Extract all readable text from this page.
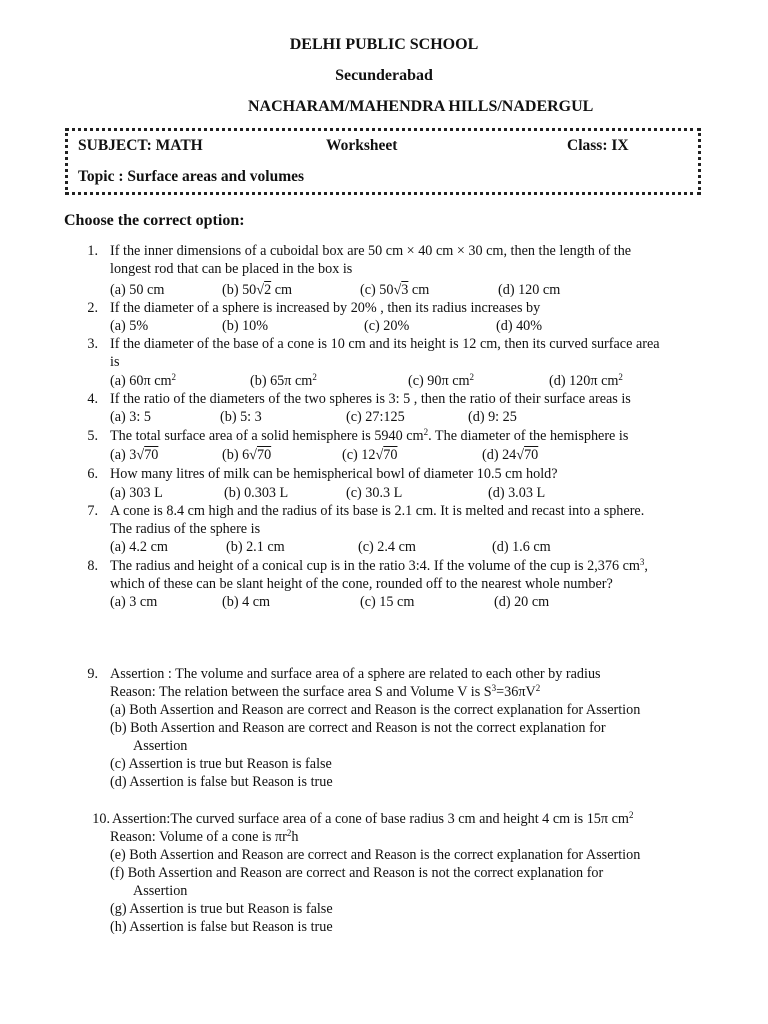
DELHI PUBLIC SCHOOL
Secunderabad
NACHARAM/MAHENDRA HILLS/NADERGUL
SUBJECT: MATH	Worksheet	Class: IX
Topic : Surface areas and volumes
Choose the correct option:
1. If the inner dimensions of a cuboidal box are 50 cm × 40 cm × 30 cm, then the length of the
longest rod that can be placed in the box is
(a) 50 cm	(b) 50√2 cm	(c) 50√3 cm	(d) 120 cm
2. If the diameter of a sphere is increased by 20% , then its radius increases by
(a) 5%	(b) 10%	(c) 20%	(d) 40%
3. If the diameter of the base of a cone is 10 cm and its height is 12 cm, then its curved surface area
is
(a) 60π $cm^2$	(b) 65π $cm^2$	(c) 90π $cm^2$	(d) 120π $cm^2$
4. If the ratio of the diameters of the two spheres is 3: 5 , then the ratio of their surface areas is
(a) 3: 5	(b) 5: 3	(c) 27:125	(d) 9: 25
5. The total surface area of a solid hemisphere is 5940 $cm^2$. The diameter of the hemisphere is
(a) 3√70	(b) 6√70	(c) 12√70	(d) 24√70
6. How many litres of milk can be hemispherical bowl of diameter 10.5 cm hold?
(a) 303 L	(b) 0.303 L	(c) 30.3 L	(d) 3.03 L
7. A cone is 8.4 cm high and the radius of its base is 2.1 cm. It is melted and recast into a sphere.
The radius of the sphere is
(a) 4.2 cm	(b) 2.1 cm	(c) 2.4 cm	(d) 1.6 cm
8. The radius and height of a conical cup is in the ratio 3:4. If the volume of the cup is 2,376 $cm^3$,
which of these can be slant height of the cone, rounded off to the nearest whole number?
(a) 3 cm	(b) 4 cm	(c) 15 cm	(d) 20 cm
9. Assertion : The volume and surface area of a sphere are related to each other by radius
Reason: The relation between the surface area S and Volume V is $S^3=36\pi V^2$
(a) Both Assertion and Reason are correct and Reason is the correct explanation for Assertion
(b) Both Assertion and Reason are correct and Reason is not the correct explanation for
Assertion
(c) Assertion is true but Reason is false
(d) Assertion is false but Reason is true
10. Assertion:The curved surface area of a cone of base radius 3 cm and height 4 cm is 15π $cm^2$
Reason: Volume of a cone is $\pi r^2h$
(e) Both Assertion and Reason are correct and Reason is the correct explanation for Assertion
(f) Both Assertion and Reason are correct and Reason is not the correct explanation for
Assertion
(g) Assertion is true but Reason is false
(h) Assertion is false but Reason is true
